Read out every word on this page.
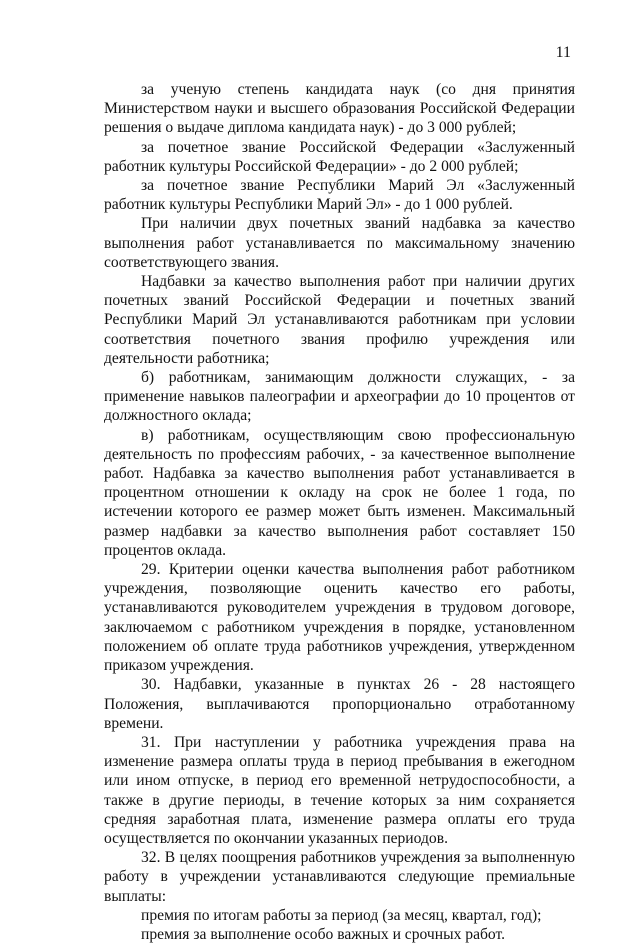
11

за ученую степень кандидата наук (со дня принятия Министерством науки и высшего образования Российской Федерации решения о выдаче диплома кандидата наук) - до 3 000 рублей;

за почетное звание Российской Федерации «Заслуженный работник культуры Российской Федерации» - до 2 000 рублей;

за почетное звание Республики Марий Эл «Заслуженный работник культуры Республики Марий Эл» - до 1 000 рублей.

При наличии двух почетных званий надбавка за качество выполнения работ устанавливается по максимальному значению соответствующего звания.

Надбавки за качество выполнения работ при наличии других почетных званий Российской Федерации и почетных званий Республики Марий Эл устанавливаются работникам при условии соответствия почетного звания профилю учреждения или деятельности работника;

б) работникам, занимающим должности служащих, - за применение навыков палеографии и археографии до 10 процентов от должностного оклада;

в) работникам, осуществляющим свою профессиональную деятельность по профессиям рабочих, - за качественное выполнение работ. Надбавка за качество выполнения работ устанавливается в процентном отношении к окладу на срок не более 1 года, по истечении которого ее размер может быть изменен. Максимальный размер надбавки за качество выполнения работ составляет 150 процентов оклада.

29. Критерии оценки качества выполнения работ работником учреждения, позволяющие оценить качество его работы, устанавливаются руководителем учреждения в трудовом договоре, заключаемом с работником учреждения в порядке, установленном положением об оплате труда работников учреждения, утвержденном приказом учреждения.

30. Надбавки, указанные в пунктах 26 - 28 настоящего Положения, выплачиваются пропорционально отработанному времени.

31. При наступлении у работника учреждения права на изменение размера оплаты труда в период пребывания в ежегодном или ином отпуске, в период его временной нетрудоспособности, а также в другие периоды, в течение которых за ним сохраняется средняя заработная плата, изменение размера оплаты его труда осуществляется по окончании указанных периодов.

32. В целях поощрения работников учреждения за выполненную работу в учреждении устанавливаются следующие премиальные выплаты:

премия по итогам работы за период (за месяц, квартал, год);

премия за выполнение особо важных и срочных работ.
